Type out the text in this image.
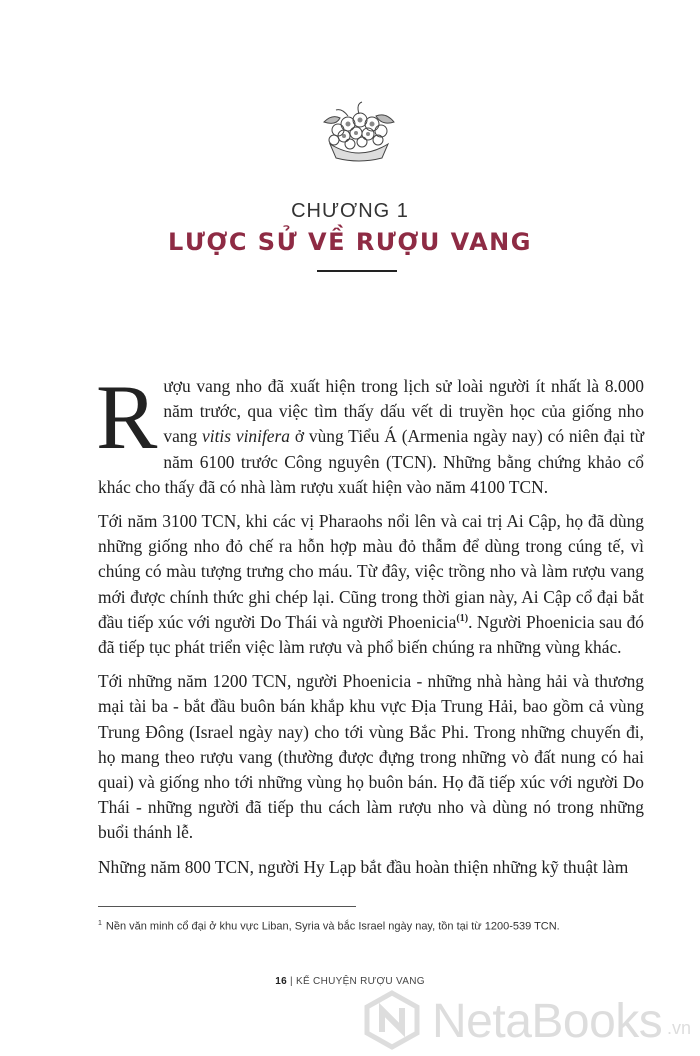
CHƯƠNG 1
LƯỢC SỬ VỀ RƯỢU VANG

Rượu vang nho đã xuất hiện trong lịch sử loài người ít nhất là 8.000 năm trước, qua việc tìm thấy dấu vết di truyền học của giống nho vang vitis vinifera ở vùng Tiểu Á (Armenia ngày nay) có niên đại từ năm 6100 trước Công nguyên (TCN). Những bằng chứng khảo cổ khác cho thấy đã có nhà làm rượu xuất hiện vào năm 4100 TCN.

Tới năm 3100 TCN, khi các vị Pharaohs nổi lên và cai trị Ai Cập, họ đã dùng những giống nho đỏ chế ra hỗn hợp màu đỏ thẫm để dùng trong cúng tế, vì chúng có màu tượng trưng cho máu. Từ đây, việc trồng nho và làm rượu vang mới được chính thức ghi chép lại. Cũng trong thời gian này, Ai Cập cổ đại bắt đầu tiếp xúc với người Do Thái và người Phoenicia$^{(1)}$. Người Phoenicia sau đó đã tiếp tục phát triển việc làm rượu và phổ biến chúng ra những vùng khác.

Tới những năm 1200 TCN, người Phoenicia - những nhà hàng hải và thương mại tài ba - bắt đầu buôn bán khắp khu vực Địa Trung Hải, bao gồm cả vùng Trung Đông (Israel ngày nay) cho tới vùng Bắc Phi. Trong những chuyến đi, họ mang theo rượu vang (thường được đựng trong những vò đất nung có hai quai) và giống nho tới những vùng họ buôn bán. Họ đã tiếp xúc với người Do Thái - những người đã tiếp thu cách làm rượu nho và dùng nó trong những buổi thánh lễ.

Những năm 800 TCN, người Hy Lạp bắt đầu hoàn thiện những kỹ thuật làm

$^1$ Nền văn minh cổ đại ở khu vực Liban, Syria và bắc Israel ngày nay, tồn tại từ 1200-539 TCN.
16 | KỂ CHUYỆN RƯỢU VANG
NetaBooks .vn
